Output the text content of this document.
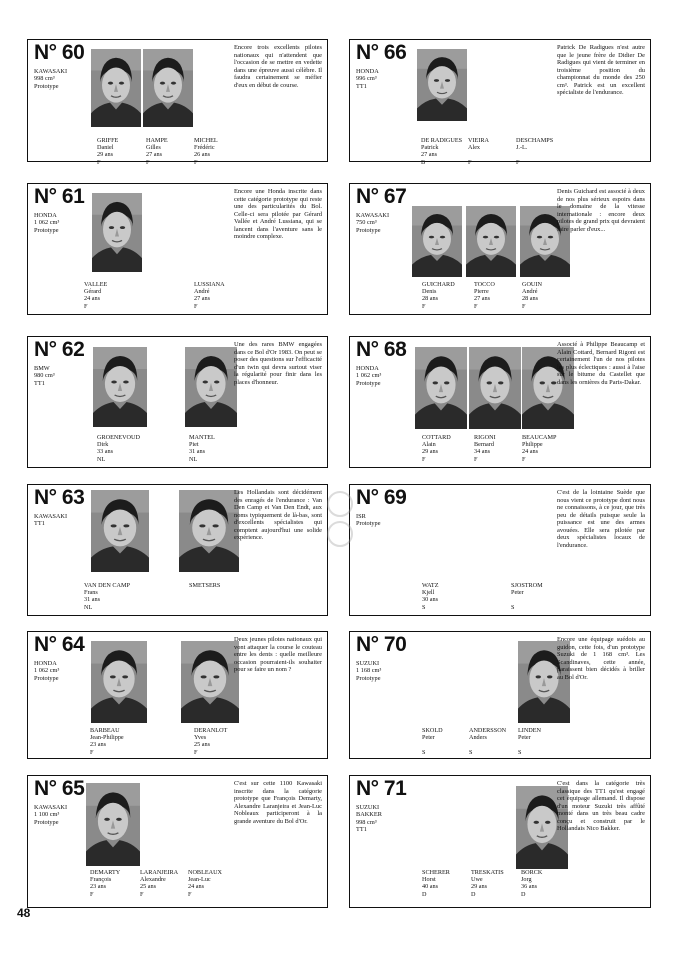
N° 60
KAWASAKI
998 cm³
Prototype
Encore trois excellents pilotes nationaux qui n'attendent que l'occasion de se mettre en vedette dans une épreuve aussi célèbre. Il faudra certainement se méfier d'eux en début de course.
GRIFFE
Daniel
29 ans
F
HAMPE
Gilles
27 ans
F
MICHEL
Frédéric
26 ans
F
N° 66
HONDA
996 cm³
TT1
Patrick De Radigues n'est autre que le jeune frère de Didier De Radigues qui vient de terminer en troisième position du championnat du monde des 250 cm³. Patrick est un excellent spécialiste de l'endurance.
DE RADIGUES
Patrick
27 ans
B
VIEIRA
Alex

F
DESCHAMPS
J.-L.

F
N° 61
HONDA
1 062 cm³
Prototype
Encore une Honda inscrite dans cette catégorie prototype qui reste une des particularités du Bol. Celle-ci sera pilotée par Gérard Vallée et André Lussiana, qui se lancent dans l'aventure sans le moindre complexe.
VALLEE
Gérard
24 ans
F
LUSSIANA
André
27 ans
F
N° 67
KAWASAKI
750 cm³
Prototype
Denis Guichard est associé à deux de nos plus sérieux espoirs dans le domaine de la vitesse internationale : encore deux pilotes de grand prix qui devraient faire parler d'eux...
GUICHARD
Denis
28 ans
F
TOCCO
Pierre
27 ans
F
GOUIN
André
28 ans
F
N° 62
BMW
980 cm³
TT1
Une des rares BMW engagées dans ce Bol d'Or 1983. On peut se poser des questions sur l'efficacité d'un twin qui devra surtout viser la régularité pour finir dans les places d'honneur.
GROENEVOUD
Dirk
33 ans
NL
MANTEL
Piet
31 ans
NL
N° 68
HONDA
1 062 cm³
Prototype
Associé à Philippe Beaucamp et Alain Cottard, Bernard Rigoni est certainement l'un de nos pilotes les plus éclectiques : aussi à l'aise sur le bitume du Castellet que dans les ornières du Paris-Dakar.
COTTARD
Alain
29 ans
F
RIGONI
Bernard
34 ans
F
BEAUCAMP
Philippe
24 ans
F
N° 63
KAWASAKI
TT1
Les Hollandais sont décidément des enragés de l'endurance : Van Den Camp et Van Den Endt, aux noms typiquement de là-bas, sont d'excellents spécialistes qui comptent aujourd'hui une solide expérience.
VAN DEN CAMP
Frans
31 ans
NL
SMETSERS

N° 69
ISR
Prototype
C'est de la lointaine Suède que nous vient ce prototype dont nous ne connaissons, à ce jour, que très peu de détails puisque seule la puissance est une des armes avouées. Elle sera pilotée par deux spécialistes locaux de l'endurance.
WATZ
Kjell
30 ans
S
SJOSTROM
Peter

S
N° 64
HONDA
1 062 cm³
Prototype
Deux jeunes pilotes nationaux qui vont attaquer la course le couteau entre les dents : quelle meilleure occasion pourraient-ils souhaiter pour se faire un nom ?
BARBEAU
Jean-Philippe
23 ans
F
DERANLOT
Yves
25 ans
F
N° 70
SUZUKI
1 168 cm³
Prototype
Encore une équipage suédois au guidon, cette fois, d'un prototype Suzuki de 1 168 cm³. Les Scandinaves, cette année, paraissent bien décidés à briller au Bol d'Or.
SKOLD
Peter

S
ANDERSSON
Anders

S
LINDEN
Peter

S
N° 65
KAWASAKI
1 100 cm³
Prototype
C'est sur cette 1100 Kawasaki inscrite dans la catégorie prototype que François Demarty, Alexandre Laranjeira et Jean-Luc Nobleaux participeront à la grande aventure du Bol d'Or.
DEMARTY
François
23 ans
F
LARANJEIRA
Alexandre
25 ans
F
NOBLEAUX
Jean-Luc
24 ans
F
N° 71
SUZUKI
BAKKER
998 cm³
TT1
C'est dans la catégorie très classique des TT1 qu'est engagé cet équipage allemand. Il dispose d'un moteur Suzuki très affûté monté dans un très beau cadre conçu et construit par le Hollandais Nico Bakker.
SCHERER
Horst
40 ans
D
TRESKATIS
Uwe
29 ans
D
BORCK
Jorg
36 ans
D
48
